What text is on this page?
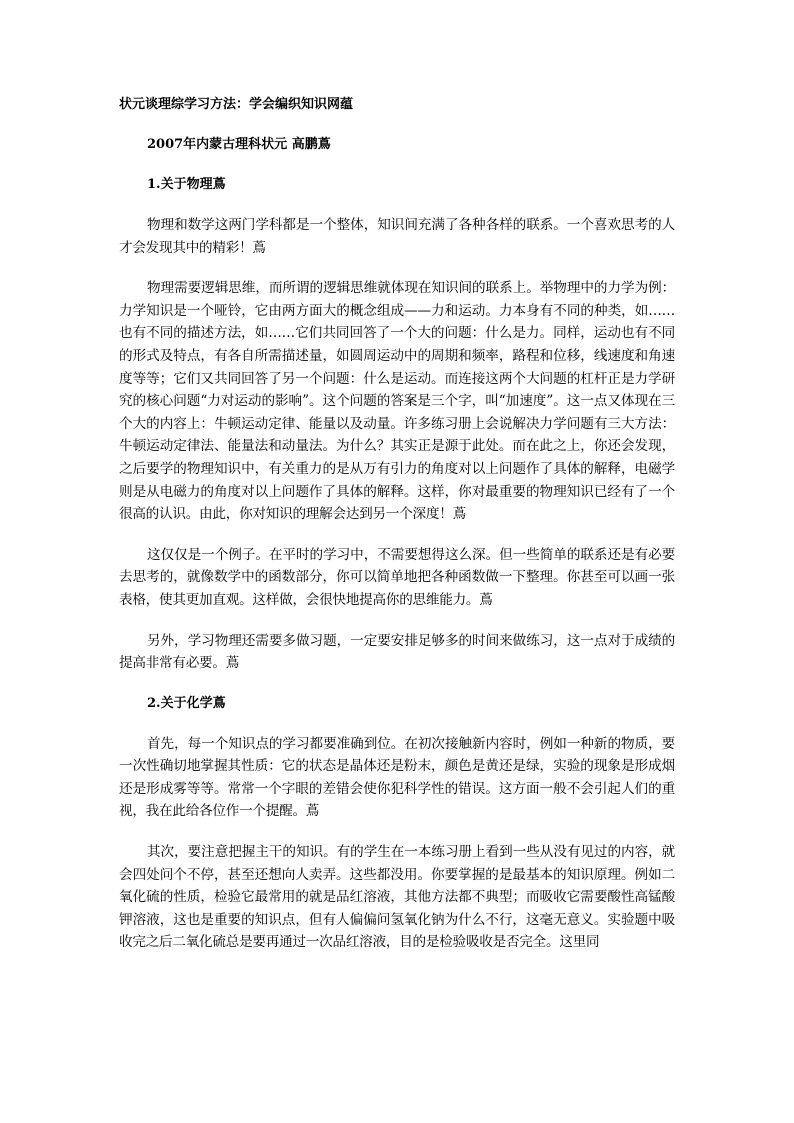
状元谈理综学习方法：学会编织知识网蕴
2007年内蒙古理科状元 高鹏蔦
1.关于物理蔦

物理和数学这两门学科都是一个整体，知识间充满了各种各样的联系。一个喜欢思考的人才会发现其中的精彩！蔦

物理需要逻辑思维，而所谓的逻辑思维就体现在知识间的联系上。举物理中的力学为例：力学知识是一个哑铃，它由两方面大的概念组成——力和运动。力本身有不同的种类，如……也有不同的描述方法，如……它们共同回答了一个大的问题：什么是力。同样，运动也有不同的形式及特点，有各自所需描述量，如圆周运动中的周期和频率，路程和位移，线速度和角速度等等；它们又共同回答了另一个问题：什么是运动。而连接这两个大问题的杠杆正是力学研究的核心问题“力对运动的影响”。这个问题的答案是三个字，叫“加速度”。这一点又体现在三个大的内容上：牛顿运动定律、能量以及动量。许多练习册上会说解决力学问题有三大方法：牛顿运动定律法、能量法和动量法。为什么？其实正是源于此处。而在此之上，你还会发现，之后要学的物理知识中，有关重力的是从万有引力的角度对以上问题作了具体的解释，电磁学则是从电磁力的角度对以上问题作了具体的解释。这样，你对最重要的物理知识已经有了一个很高的认识。由此，你对知识的理解会达到另一个深度！蔦

这仅仅是一个例子。在平时的学习中，不需要想得这么深。但一些简单的联系还是有必要去思考的，就像数学中的函数部分，你可以简单地把各种函数做一下整理。你甚至可以画一张表格，使其更加直观。这样做，会很快地提高你的思维能力。蔦

另外，学习物理还需要多做习题，一定要安排足够多的时间来做练习，这一点对于成绩的提高非常有必要。蔦

2.关于化学蔦

首先，每一个知识点的学习都要准确到位。在初次接触新内容时，例如一种新的物质，要一次性确切地掌握其性质：它的状态是晶体还是粉末，颜色是黄还是绿，实验的现象是形成烟还是形成雾等等。常常一个字眼的差错会使你犯科学性的错误。这方面一般不会引起人们的重视，我在此给各位作一个提醒。蔦

其次，要注意把握主干的知识。有的学生在一本练习册上看到一些从没有见过的内容，就会四处问个不停，甚至还想向人卖弄。这些都没用。你要掌握的是最基本的知识原理。例如二氧化硫的性质，检验它最常用的就是品红溶液，其他方法都不典型；而吸收它需要酸性高锰酸钾溶液，这也是重要的知识点，但有人偏偏问氢氧化钠为什么不行，这毫无意义。实验题中吸收完之后二氧化硫总是要再通过一次品红溶液，目的是检验吸收是否完全。这里同
